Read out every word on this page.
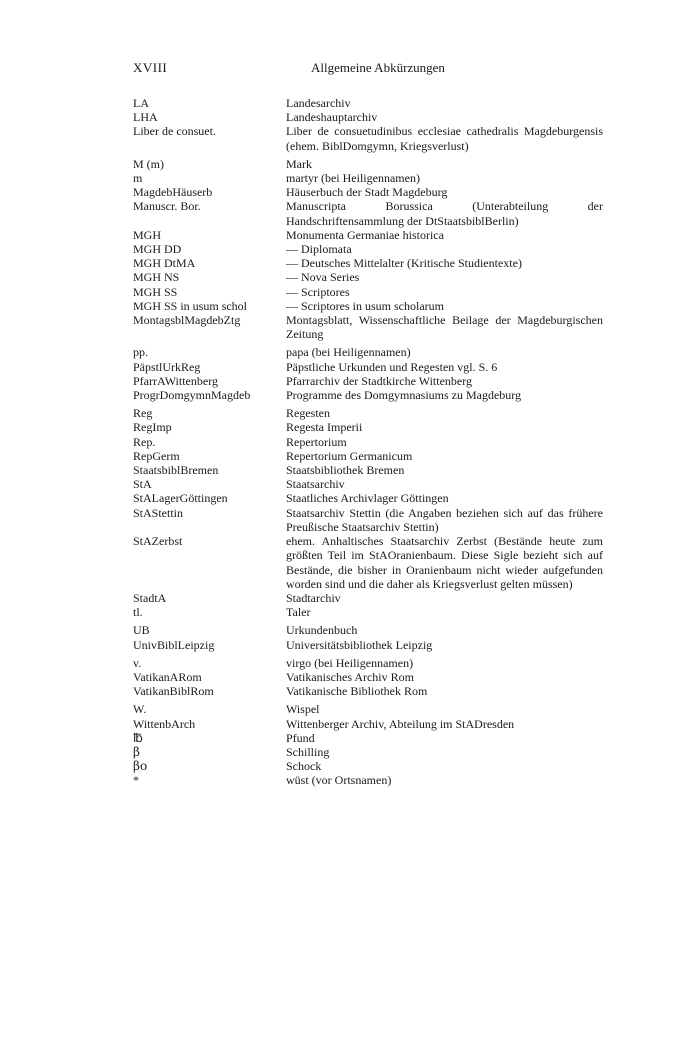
XVIII	Allgemeine Abkürzungen
LA	Landesarchiv
LHA	Landeshauptarchiv
Liber de consuet.	Liber de consuetudinibus ecclesiae cathedralis Magdeburgensis (ehem. BiblDomgymn, Kriegsverlust)
M (m)	Mark
m	martyr (bei Heiligennamen)
MagdebHäuserb	Häuserbuch der Stadt Magdeburg
Manuscr. Bor.	Manuscripta Borussica (Unterabteilung der Handschriftensammlung der DtStaatsbiblBerlin)
MGH	Monumenta Germaniae historica
MGH DD	— Diplomata
MGH DtMA	— Deutsches Mittelalter (Kritische Studientexte)
MGH NS	— Nova Series
MGH SS	— Scriptores
MGH SS in usum schol	— Scriptores in usum scholarum
MontagsblMagdebZtg	Montagsblatt, Wissenschaftliche Beilage der Magdeburgischen Zeitung
pp.	papa (bei Heiligennamen)
PäpstlUrkReg	Päpstliche Urkunden und Regesten vgl. S. 6
PfarrAWittenberg	Pfarrarchiv der Stadtkirche Wittenberg
ProgrDomgymnMagdeb	Programme des Domgymnasiums zu Magdeburg
Reg	Regesten
RegImp	Regesta Imperii
Rep.	Repertorium
RepGerm	Repertorium Germanicum
StaatsbiblBremen	Staatsbibliothek Bremen
StA	Staatsarchiv
StALagerGöttingen	Staatliches Archivlager Göttingen
StAStettin	Staatsarchiv Stettin (die Angaben beziehen sich auf das frühere Preußische Staatsarchiv Stettin)
StAZerbst	ehem. Anhaltisches Staatsarchiv Zerbst (Bestände heute zum größten Teil im StAOranienbaum. Diese Sigle bezieht sich auf Bestände, die bisher in Oranienbaum nicht wieder aufgefunden worden sind und die daher als Kriegsverlust gelten müssen)
StadtA	Stadtarchiv
tl.	Taler
UB	Urkundenbuch
UnivBiblLeipzig	Universitätsbibliothek Leipzig
v.	virgo (bei Heiligennamen)
VatikanARom	Vatikanisches Archiv Rom
VatikanBiblRom	Vatikanische Bibliothek Rom
W.	Wispel
WittenbArch	Wittenberger Archiv, Abteilung im StADresden
℔	Pfund
β	Schilling
βo	Schock
*	wüst (vor Ortsnamen)
